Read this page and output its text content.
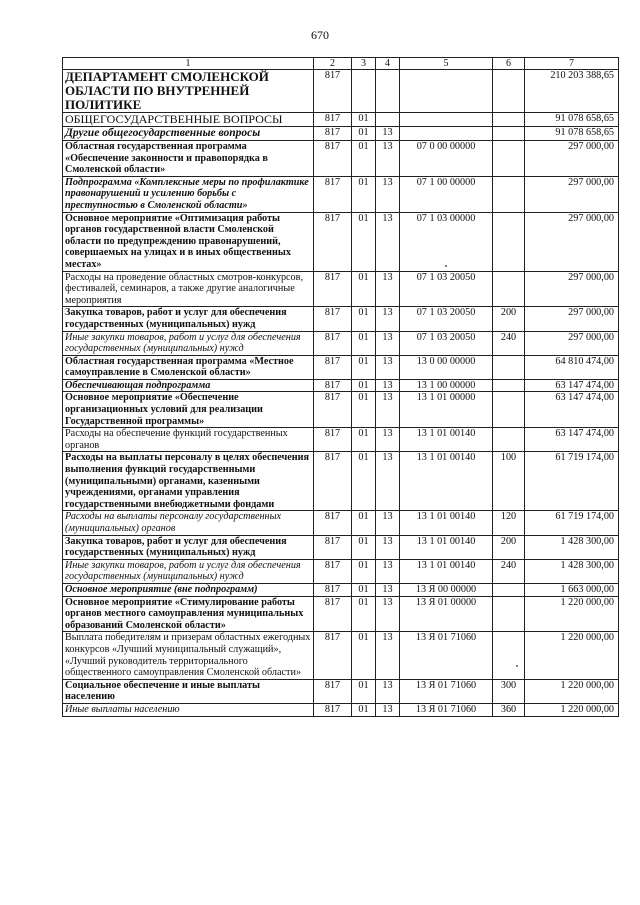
670
1	2	3	4	5	6	7
ДЕПАРТАМЕНТ СМОЛЕНСКОЙ ОБЛАСТИ ПО ВНУТРЕННЕЙ ПОЛИТИКЕ	817					210 203 388,65
ОБЩЕГОСУДАРСТВЕННЫЕ ВОПРОСЫ	817	01				91 078 658,65
Другие общегосударственные вопросы	817	01	13			91 078 658,65
Областная государственная программа «Обеспечение законности и правопорядка в Смоленской области»	817	01	13	07 0 00 00000		297 000,00
Подпрограмма «Комплексные меры по профилактике правонарушений и усилению борьбы с преступностью в Смоленской области»	817	01	13	07 1 00 00000		297 000,00
Основное мероприятие «Оптимизация работы органов государственной власти Смоленской области по предупреждению правонарушений, совершаемых на улицах и в иных общественных местах»	817	01	13	07 1 03 00000		297 000,00
Расходы на проведение областных смотров-конкурсов, фестивалей, семинаров, а также другие аналогичные мероприятия	817	01	13	07 1 03 20050		297 000,00
Закупка товаров, работ и услуг для обеспечения государственных (муниципальных) нужд	817	01	13	07 1 03 20050	200	297 000,00
Иные закупки товаров, работ и услуг для обеспечения государственных (муниципальных) нужд	817	01	13	07 1 03 20050	240	297 000,00
Областная государственная программа «Местное самоуправление в Смоленской области»	817	01	13	13 0 00 00000		64 810 474,00
Обеспечивающая подпрограмма	817	01	13	13 1 00 00000		63 147 474,00
Основное мероприятие «Обеспечение организационных условий для реализации Государственной программы»	817	01	13	13 1 01 00000		63 147 474,00
Расходы на обеспечение функций государственных органов	817	01	13	13 1 01 00140		63 147 474,00
Расходы на выплаты персоналу в целях обеспечения выполнения функций государственными (муниципальными) органами, казенными учреждениями, органами управления государственными внебюджетными фондами	817	01	13	13 1 01 00140	100	61 719 174,00
Расходы на выплаты персоналу государственных (муниципальных) органов	817	01	13	13 1 01 00140	120	61 719 174,00
Закупка товаров, работ и услуг для обеспечения государственных (муниципальных) нужд	817	01	13	13 1 01 00140	200	1 428 300,00
Иные закупки товаров, работ и услуг для обеспечения государственных (муниципальных) нужд	817	01	13	13 1 01 00140	240	1 428 300,00
Основное мероприятие (вне подпрограмм)	817	01	13	13 Я 00 00000		1 663 000,00
Основное мероприятие «Стимулирование работы органов местного самоуправления муниципальных образований Смоленской области»	817	01	13	13 Я 01 00000		1 220 000,00
Выплата победителям и призерам областных ежегодных конкурсов «Лучший муниципальный служащий», «Лучший руководитель территориального общественного самоуправления Смоленской области»	817	01	13	13 Я 01 71060		1 220 000,00
Социальное обеспечение и иные выплаты населению	817	01	13	13 Я 01 71060	300	1 220 000,00
Иные выплаты населению	817	01	13	13 Я 01 71060	360	1 220 000,00
